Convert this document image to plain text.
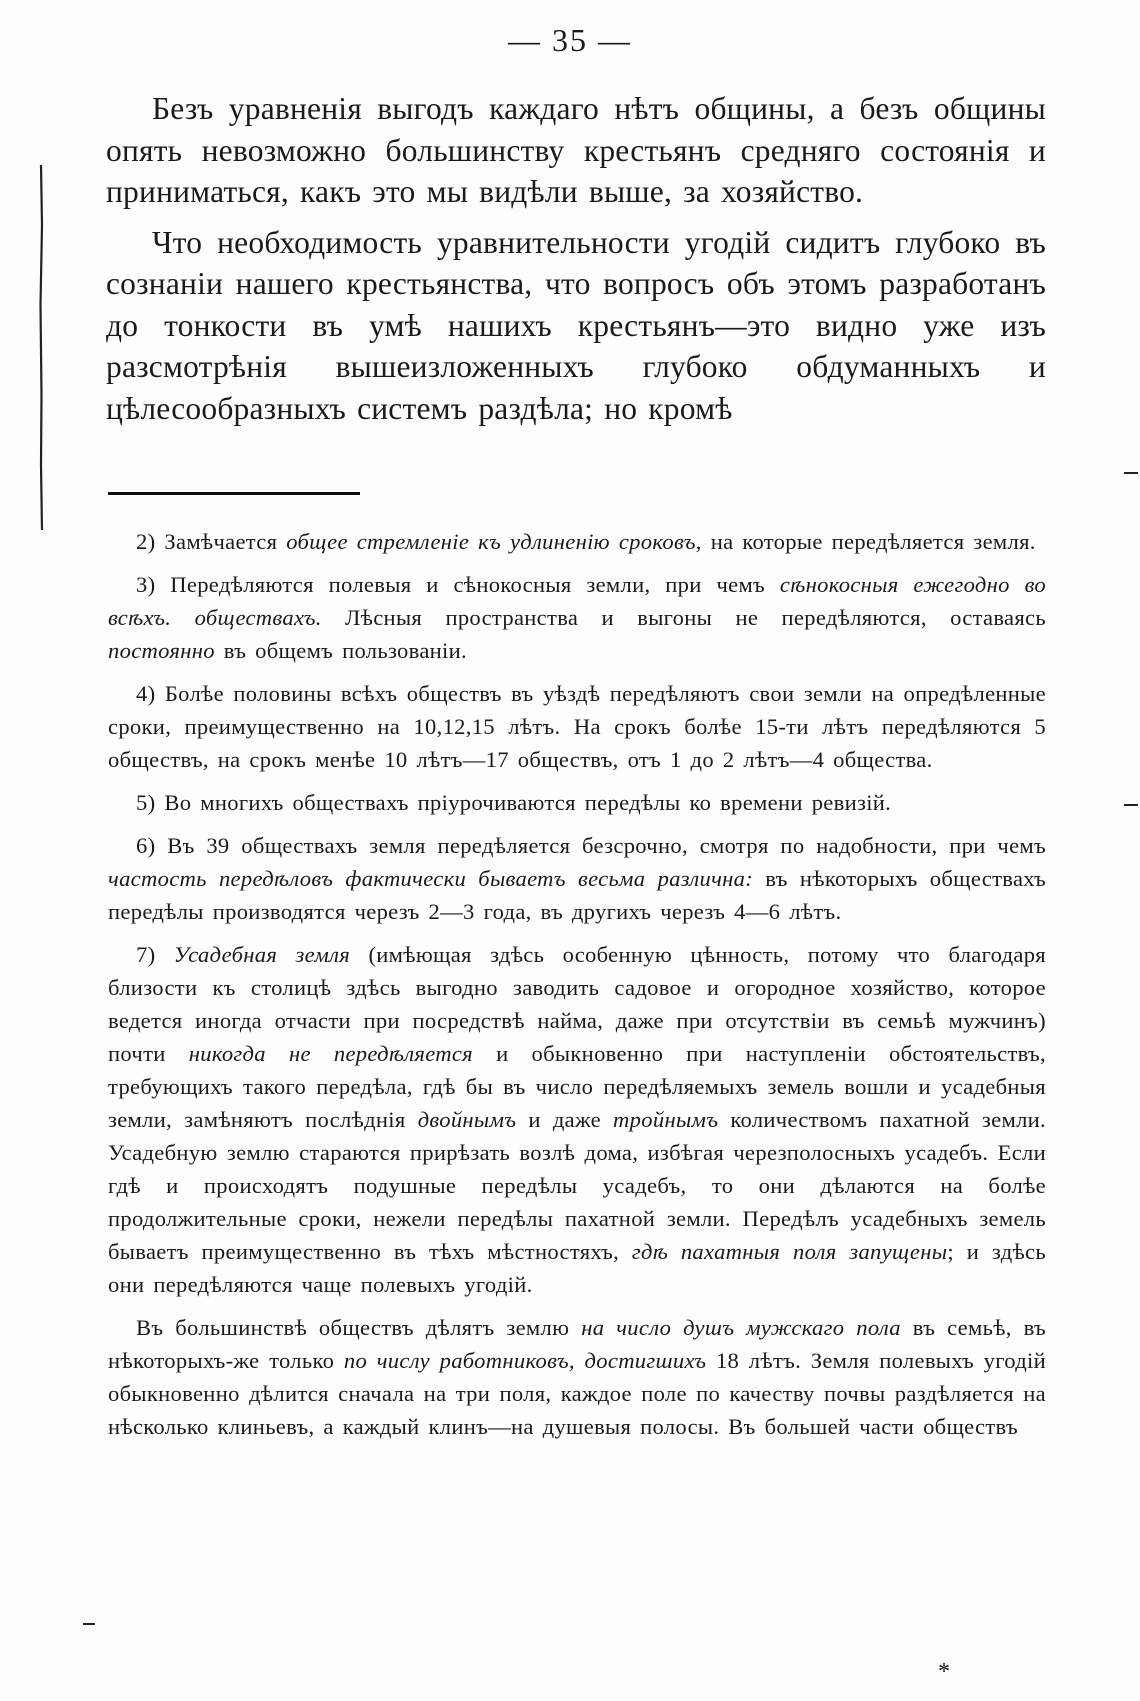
— 35 —

Безъ уравненія выгодъ каждаго нѣтъ общины, а безъ общины опять невозможно большинству крестьянъ средняго состоянія и приниматься, какъ это мы видѣли выше, за хозяйство.

Что необходимость уравнительности угодій сидитъ глубоко въ сознаніи нашего крестьянства, что вопросъ объ этомъ разработанъ до тонкости въ умѣ нашихъ крестьянъ—это видно уже изъ разсмотрѣнія вышеизложенныхъ глубоко обдуманныхъ и цѣлесообразныхъ системъ раздѣла; но кромѣ

2) Замѣчается общее стремленіе къ удлиненію сроковъ, на которые передѣляется земля.

3) Передѣляются полевыя и сѣнокосныя земли, при чемъ сѣнокосныя ежегодно во всѣхъ. обществахъ. Лѣсныя пространства и выгоны не передѣляются, оставаясь постоянно въ общемъ пользованіи.

4) Болѣе половины всѣхъ обществъ въ уѣздѣ передѣляютъ свои земли на опредѣленные сроки, преимущественно на 10,12,15 лѣтъ. На срокъ болѣе 15-ти лѣтъ передѣляются 5 обществъ, на срокъ менѣе 10 лѣтъ—17 обществъ, отъ 1 до 2 лѣтъ—4 общества.

5) Во многихъ обществахъ пріурочиваются передѣлы ко времени ревизій.

6) Въ 39 обществахъ земля передѣляется безсрочно, смотря по надобности, при чемъ частость передѣловъ фактически бываетъ весьма различна: въ нѣкоторыхъ обществахъ передѣлы производятся черезъ 2—3 года, въ другихъ черезъ 4—6 лѣтъ.

7) Усадебная земля (имѣющая здѣсь особенную цѣнность, потому что благодаря близости къ столицѣ здѣсь выгодно заводить садовое и огородное хозяйство, которое ведется иногда отчасти при посредствѣ найма, даже при отсутствіи въ семьѣ мужчинъ) почти никогда не передѣляется и обыкновенно при наступленіи обстоятельствъ, требующихъ такого передѣла, гдѣ бы въ число передѣляемыхъ земель вошли и усадебныя земли, замѣняютъ послѣднія двойнымъ и даже тройнымъ количествомъ пахатной земли. Усадебную землю стараются прирѣзать возлѣ дома, избѣгая черезполосныхъ усадебъ. Если гдѣ и происходятъ подушные передѣлы усадебъ, то они дѣлаются на болѣе продолжительные сроки, нежели передѣлы пахатной земли. Передѣлъ усадебныхъ земель бываетъ преимущественно въ тѣхъ мѣстностяхъ, гдѣ пахатныя поля запущены; и здѣсь они передѣляются чаще полевыхъ угодій.

Въ большинствѣ обществъ дѣлятъ землю на число душъ мужскаго пола въ семьѣ, въ нѣкоторыхъ-же только по числу работниковъ, достигшихъ 18 лѣтъ. Земля полевыхъ угодій обыкновенно дѣлится сначала на три поля, каждое поле по качеству почвы раздѣляется на нѣсколько клиньевъ, а каждый клинъ—на душевыя полосы. Въ большей части обществъ

*
